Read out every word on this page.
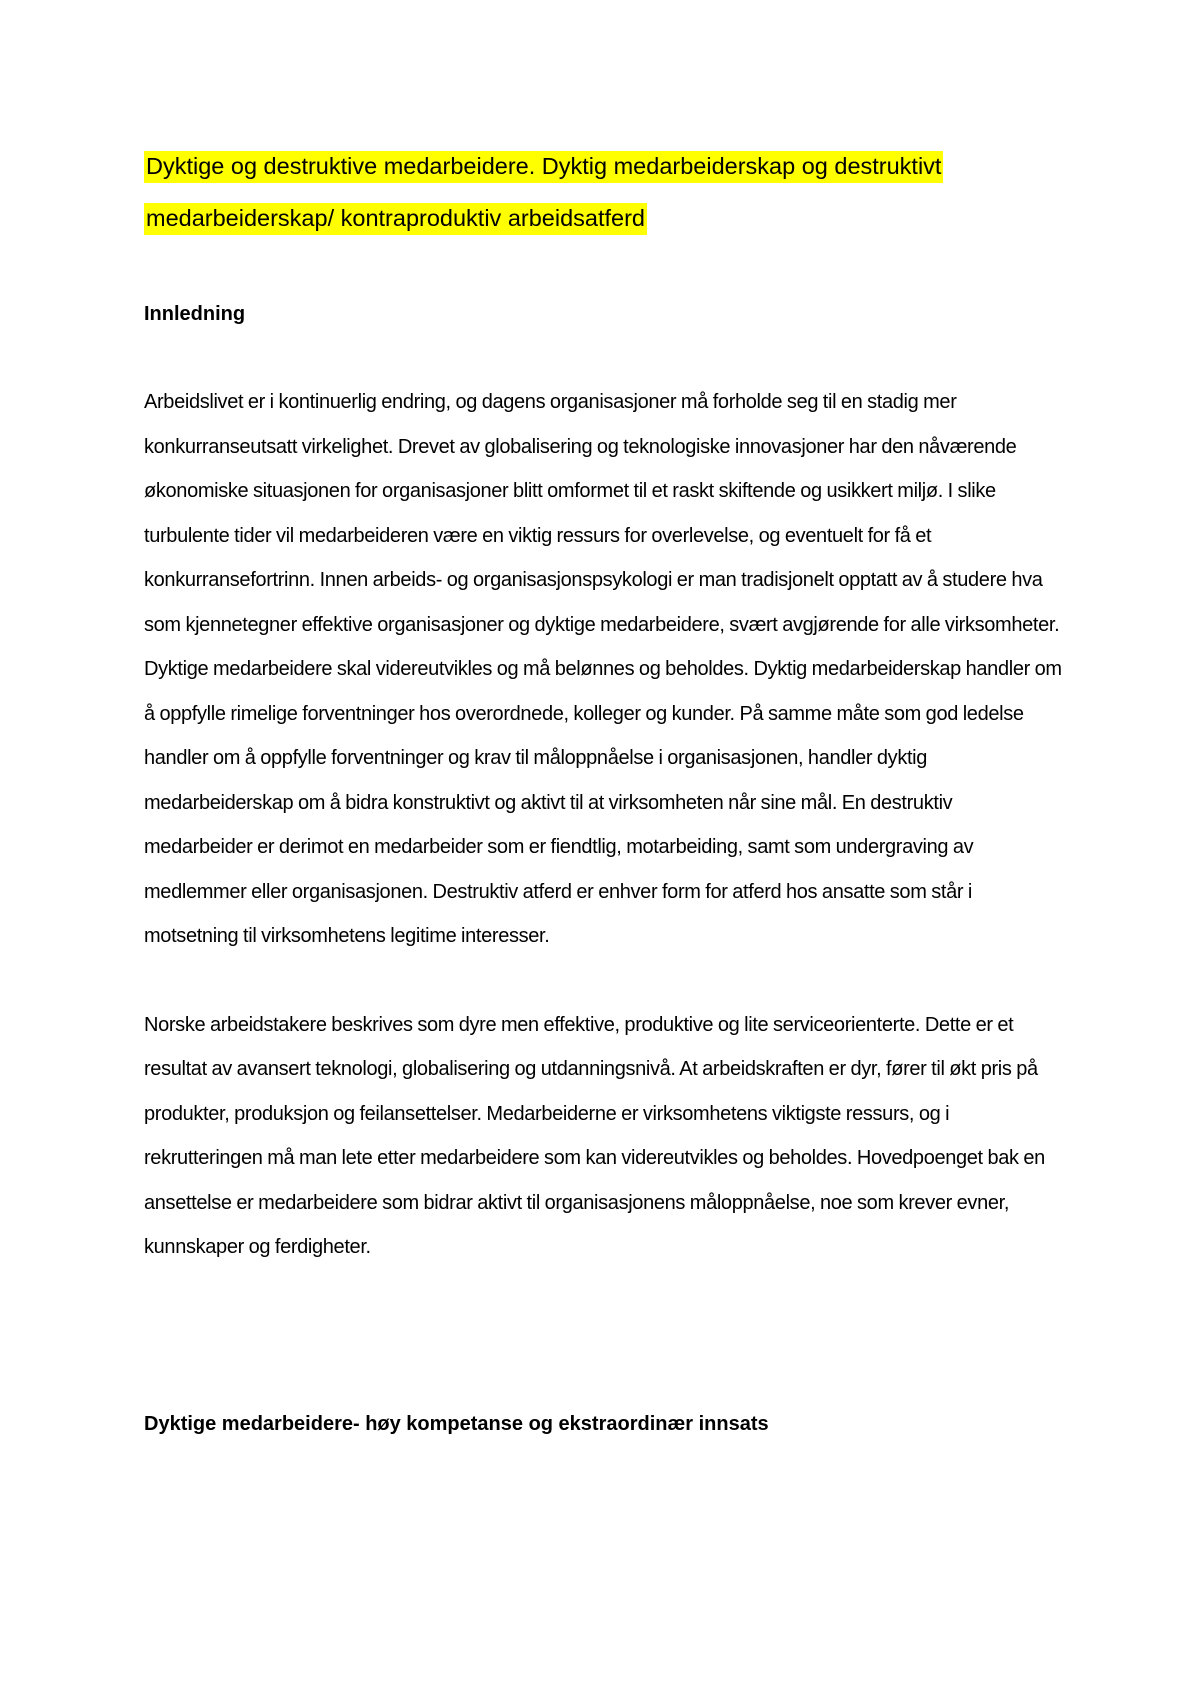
Dyktige og destruktive medarbeidere. Dyktig medarbeiderskap og destruktivt
medarbeiderskap/ kontraproduktiv arbeidsatferd

Innledning

Arbeidslivet er i kontinuerlig endring, og dagens organisasjoner må forholde seg til en stadig mer konkurranseutsatt virkelighet. Drevet av globalisering og teknologiske innovasjoner har den nåværende økonomiske situasjonen for organisasjoner blitt omformet til et raskt skiftende og usikkert miljø. I slike turbulente tider vil medarbeideren være en viktig ressurs for overlevelse, og eventuelt for få et konkurransefortrinn. Innen arbeids- og organisasjonspsykologi er man tradisjonelt opptatt av å studere hva som kjennetegner effektive organisasjoner og dyktige medarbeidere, svært avgjørende for alle virksomheter. Dyktige medarbeidere skal videreutvikles og må belønnes og beholdes. Dyktig medarbeiderskap handler om å oppfylle rimelige forventninger hos overordnede, kolleger og kunder. På samme måte som god ledelse handler om å oppfylle forventninger og krav til måloppnåelse i organisasjonen, handler dyktig medarbeiderskap om å bidra konstruktivt og aktivt til at virksomheten når sine mål. En destruktiv medarbeider er derimot en medarbeider som er fiendtlig, motarbeiding, samt som undergraving av medlemmer eller organisasjonen. Destruktiv atferd er enhver form for atferd hos ansatte som står i motsetning til virksomhetens legitime interesser.

Norske arbeidstakere beskrives som dyre men effektive, produktive og lite serviceorienterte. Dette er et resultat av avansert teknologi, globalisering og utdanningsnivå. At arbeidskraften er dyr, fører til økt pris på produkter, produksjon og feilansettelser. Medarbeiderne er virksomhetens viktigste ressurs, og i rekrutteringen må man lete etter medarbeidere som kan videreutvikles og beholdes. Hovedpoenget bak en ansettelse er medarbeidere som bidrar aktivt til organisasjonens måloppnåelse, noe som krever evner, kunnskaper og ferdigheter.

Dyktige medarbeidere- høy kompetanse og ekstraordinær innsats
